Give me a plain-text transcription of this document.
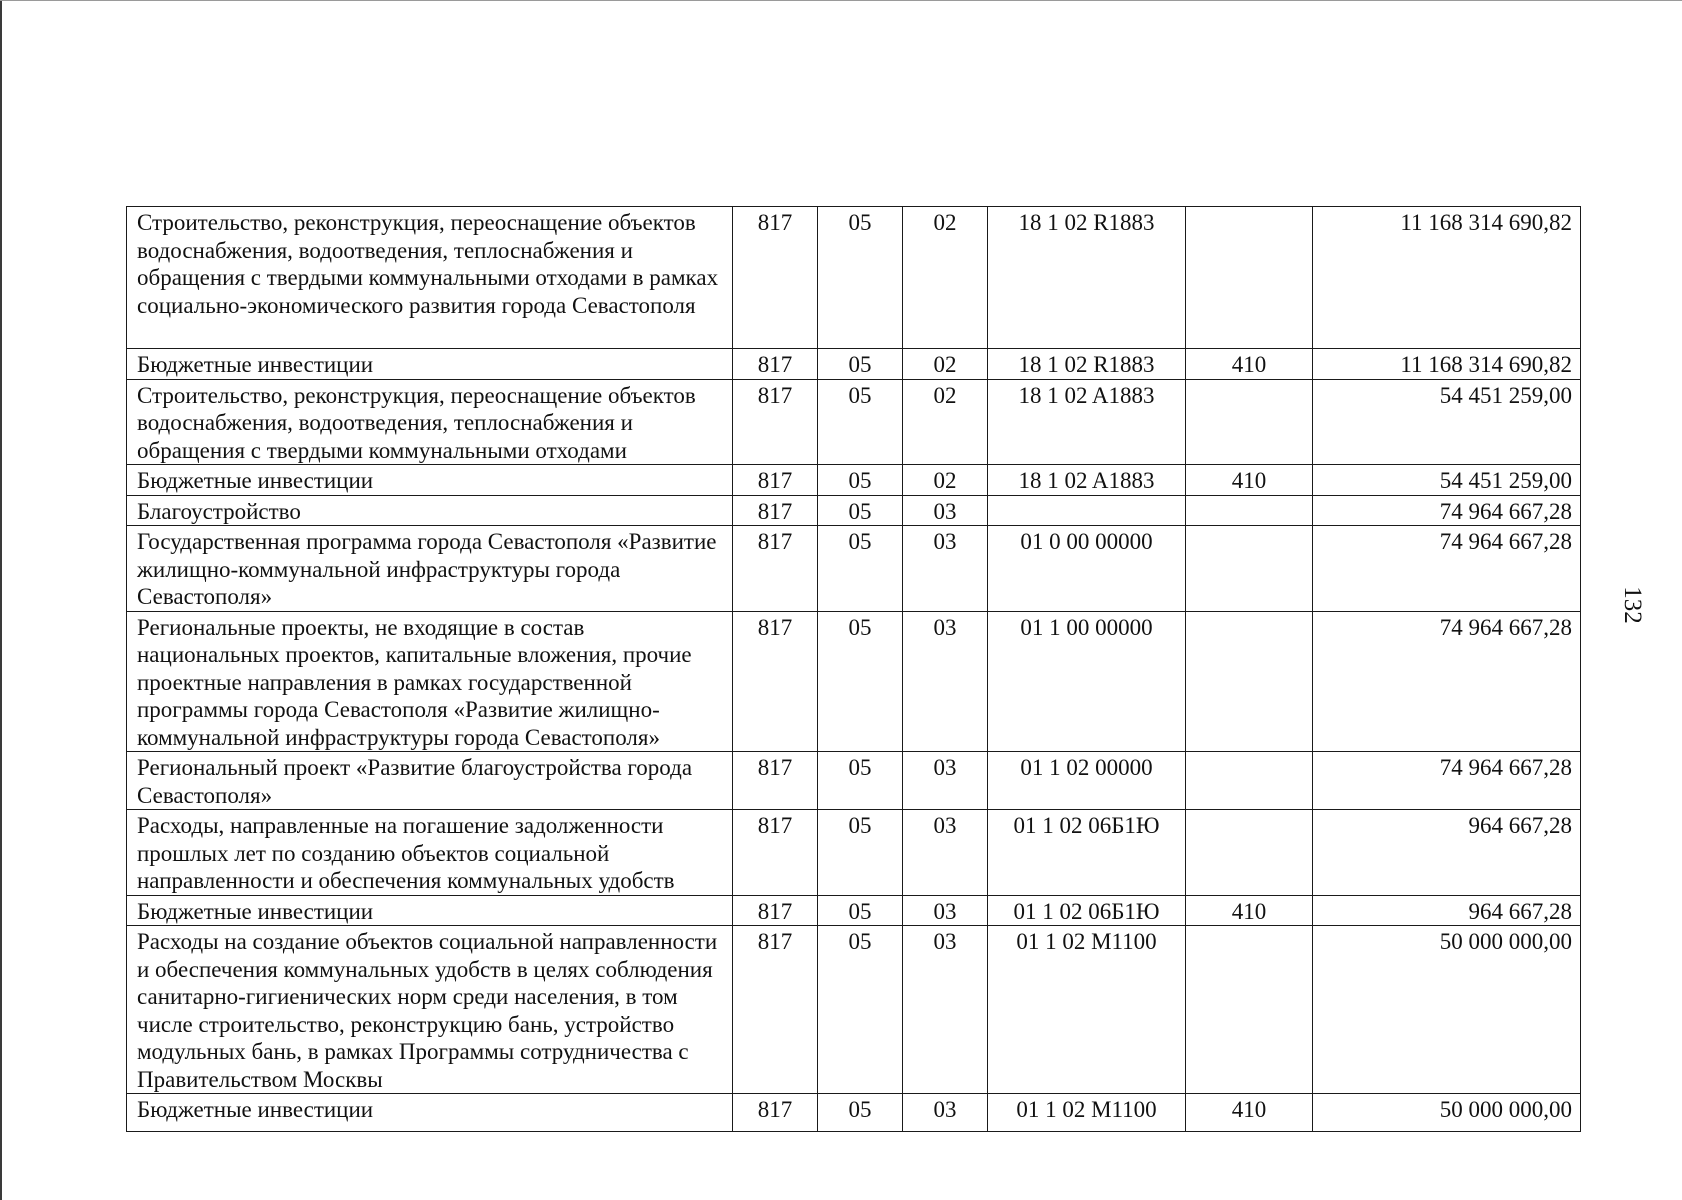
Строительство, реконструкция, переоснащение объектов водоснабжения, водоотведения, теплоснабжения и обращения с твердыми коммунальными отходами в рамках социально-экономического развития города Севастополя	817	05	02	18 1 02 R1883		11 168 314 690,82
Бюджетные инвестиции	817	05	02	18 1 02 R1883	410	11 168 314 690,82
Строительство, реконструкция, переоснащение объектов водоснабжения, водоотведения, теплоснабжения и обращения с твердыми коммунальными отходами	817	05	02	18 1 02 A1883		54 451 259,00
Бюджетные инвестиции	817	05	02	18 1 02 A1883	410	54 451 259,00
Благоустройство	817	05	03			74 964 667,28
Государственная программа города Севастополя «Развитие жилищно-коммунальной инфраструктуры города Севастополя»	817	05	03	01 0 00 00000		74 964 667,28
Региональные проекты, не входящие в состав национальных проектов, капитальные вложения, прочие проектные направления в рамках государственной программы города Севастополя «Развитие жилищно-коммунальной инфраструктуры города Севастополя»	817	05	03	01 1 00 00000		74 964 667,28
Региональный проект «Развитие благоустройства города Севастополя»	817	05	03	01 1 02 00000		74 964 667,28
Расходы, направленные на погашение задолженности прошлых лет по созданию объектов социальной направленности и обеспечения коммунальных удобств	817	05	03	01 1 02 06Б1Ю		964 667,28
Бюджетные инвестиции	817	05	03	01 1 02 06Б1Ю	410	964 667,28
Расходы на создание объектов социальной направленности и обеспечения коммунальных удобств в целях соблюдения санитарно-гигиенических норм среди населения, в том числе строительство, реконструкцию бань, устройство модульных бань, в рамках Программы сотрудничества с Правительством Москвы	817	05	03	01 1 02 M1100		50 000 000,00
Бюджетные инвестиции	817	05	03	01 1 02 M1100	410	50 000 000,00
132
